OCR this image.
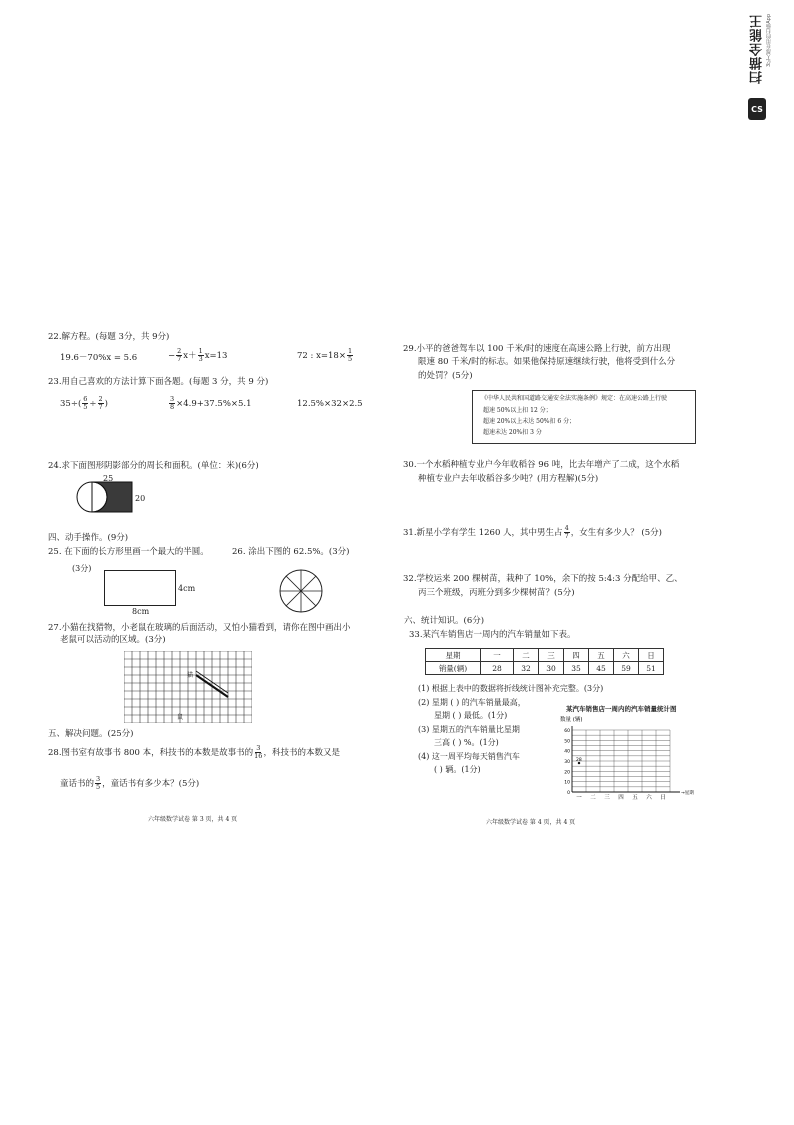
扫描全能王 3亿人都在用的扫描App
CS
22.解方程。(每题 3分，共 9分)
19.6－70%x = 5.6	− $\frac{2}{7} x+ \frac{1}{3} x=13$	72 : $x=18\times \frac{1}{5}$
23.用自己喜欢的方法计算下面各题。(每题 3 分，共 9 分)
$35\div( \frac{6}{5} \div \frac{2}{7}$ )	$\frac{3}{8} \times 4.9+37.5\%\times 5.1$	12.5%×32×2.5
24.求下面图形阴影部分的周长和面积。(单位：米)(6分)
25
20
四、动手操作。(9分)
25. 在下面的长方形里画一个最大的半圆。	26. 涂出下图的 62.5%。(3分)
(3分)
4cm
8cm
27.小猫在找猎物，小老鼠在玻璃的后面活动，又怕小猫看到，请你在图中画出小
老鼠可以活动的区域。(3分)
猫
鼠
五、解决问题。(25分)
28.图书室有故事书 800 本，科技书的本数是故事书的 $\frac{3}{16}$ ，科技书的本数又是
童话书的 $\frac{3}{5}$ ，童话书有多少本？(5分)
六年级数学试卷 第 3 页，共 4 页
29.小平的爸爸驾车以 100 千米/时的速度在高速公路上行驶，前方出现
限速 80 千米/时的标志。如果他保持原速继续行驶，他将受到什么分
的处罚？(5分)
《中华人民共和国道路交通安全法实施条例》规定：在高速公路上行驶
超速 50%以上扣 12 分；
超速 20%以上未达 50%扣 6 分；
超速未达 20%扣 3 分
30.一个水稻种植专业户今年收稻谷 96 吨，比去年增产了二成，这个水稻
种植专业户去年收稻谷多少吨？(用方程解)(5分)
31.新星小学有学生 1260 人，其中男生占 $\frac{4}{7}$ ，女生有多少人？ (5分)
32.学校运来 200 棵树苗，栽种了 10%，余下的按 5:4:3 分配给甲、乙、
丙三个班级，丙班分到多少棵树苗？(5分)
六、统计知识。(6分)
33.某汽车销售店一周内的汽车销量如下表。
星期	一	二	三	四	五	六	日
销量(辆)	28	32	30	35	45	59	51
(1) 根据上表中的数据将折线统计图补充完整。(3分)
(2) 星期 ( ) 的汽车销量最高，
星期 ( ) 最低。(1分)
(3) 星期五的汽车销量比星期
三高 ( ) %。(1分)
(4) 这一周平均每天销售汽车
( ) 辆。(1分)
某汽车销售店一周内的汽车销量统计图
数量 (辆)
60
50
40
30
20
10
0
一 二 三 四 五 六 日
→星期
28
六年级数学试卷 第 4 页，共 4 页
